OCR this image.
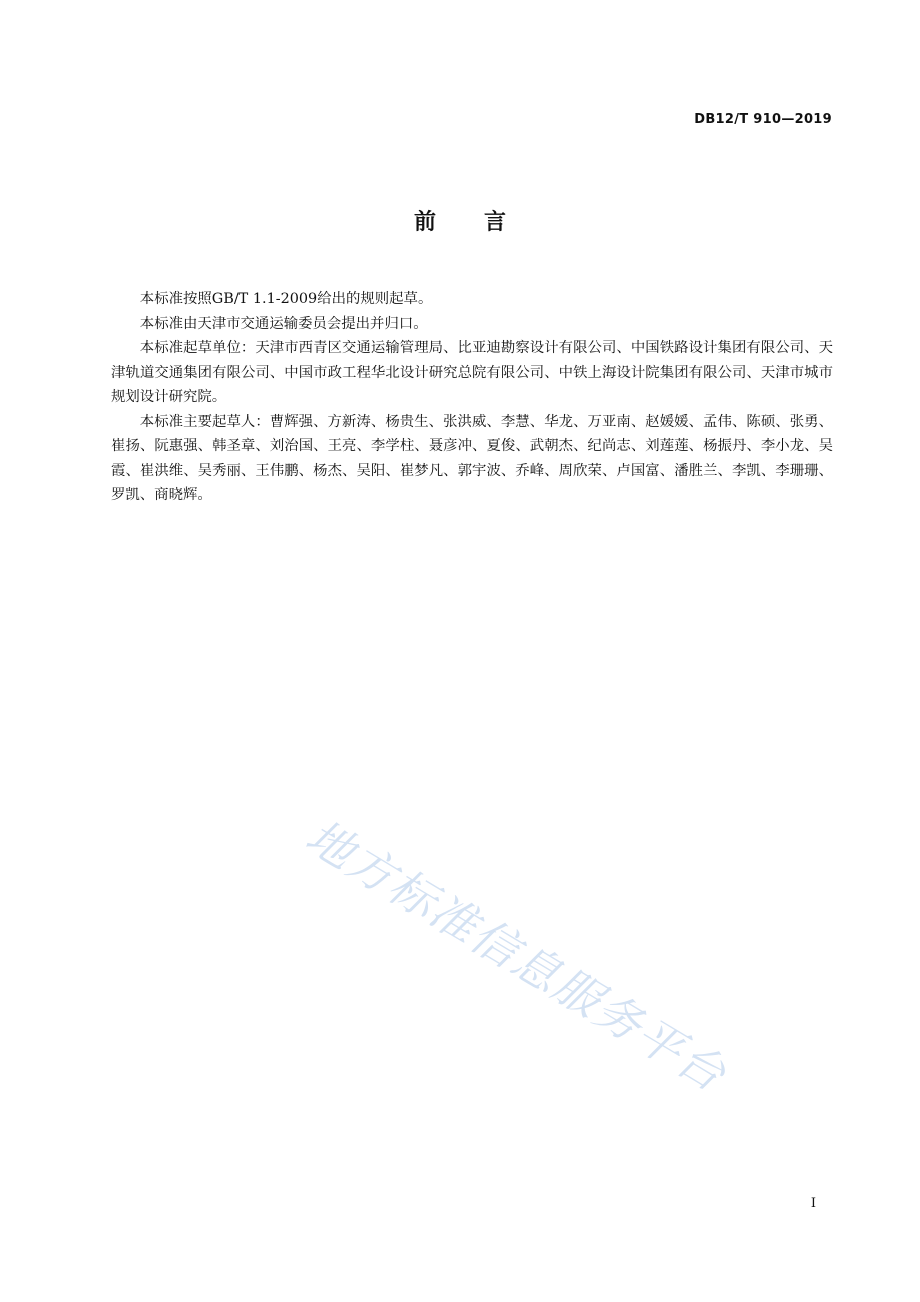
DB12/T 910—2019
前言

本标准按照GB/T 1.1-2009给出的规则起草。

本标准由天津市交通运输委员会提出并归口。

本标准起草单位：天津市西青区交通运输管理局、比亚迪勘察设计有限公司、中国铁路设计集团有限公司、天津轨道交通集团有限公司、中国市政工程华北设计研究总院有限公司、中铁上海设计院集团有限公司、天津市城市规划设计研究院。

本标准主要起草人：曹辉强、方新涛、杨贵生、张洪威、李慧、华龙、万亚南、赵媛媛、孟伟、陈硕、张勇、崔扬、阮惠强、韩圣章、刘治国、王亮、李学柱、聂彦冲、夏俊、武朝杰、纪尚志、刘莲莲、杨振丹、李小龙、吴霞、崔洪维、吴秀丽、王伟鹏、杨杰、吴阳、崔梦凡、郭宇波、乔峰、周欣荣、卢国富、潘胜兰、李凯、李珊珊、罗凯、商晓辉。

地方标准信息服务平台
I
